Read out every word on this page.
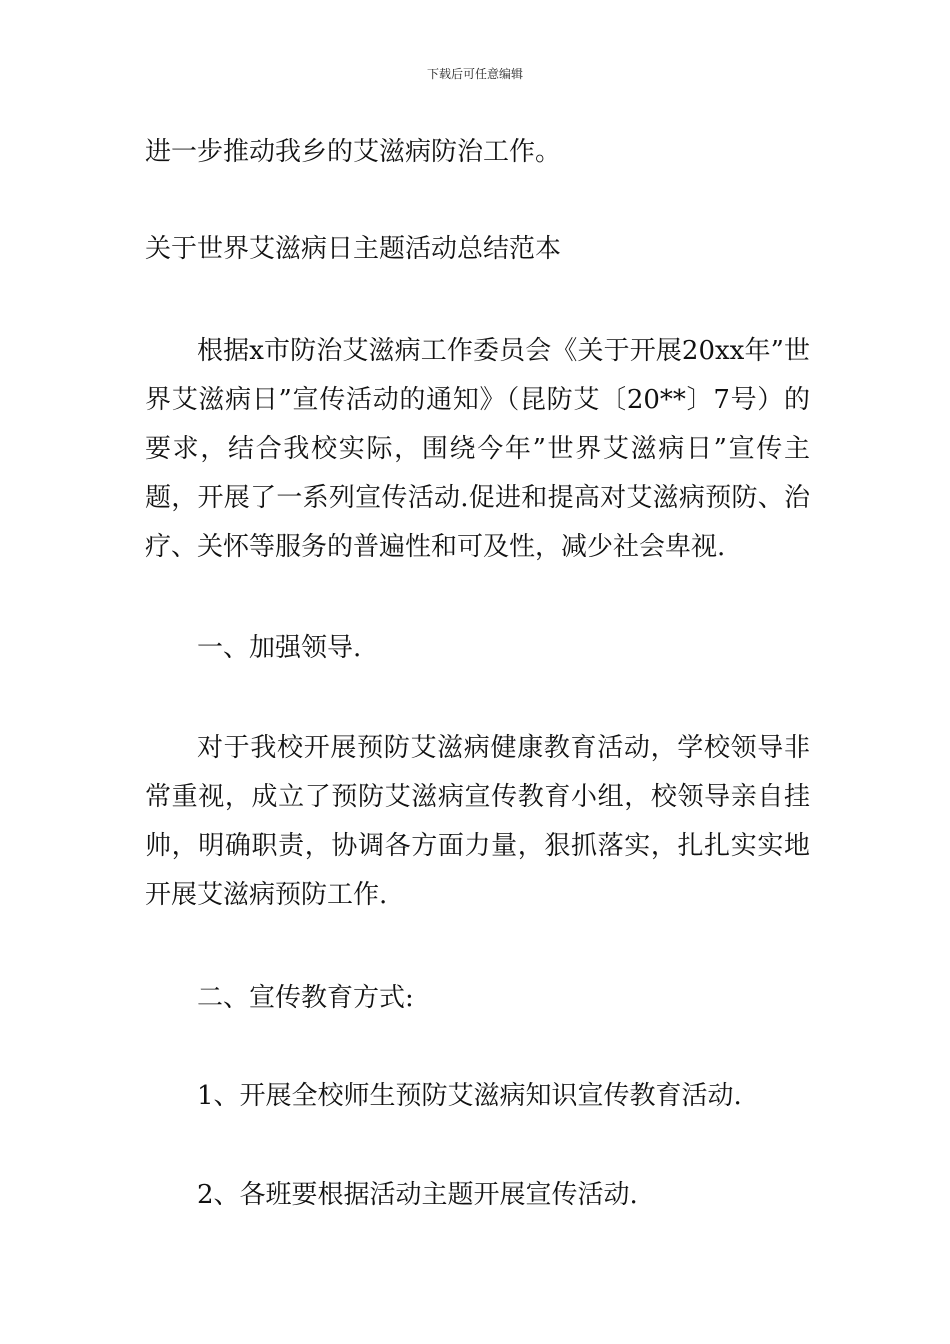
下载后可任意编辑
进一步推动我乡的艾滋病防治工作。
关于世界艾滋病日主题活动总结范本
根据x市防治艾滋病工作委员会《关于开展20xx年”世界艾滋病日”宣传活动的通知》（昆防艾〔20**〕7号）的要求，结合我校实际，围绕今年”世界艾滋病日”宣传主题，开展了一系列宣传活动.促进和提高对艾滋病预防、治疗、关怀等服务的普遍性和可及性，减少社会卑视.
一、加强领导.
对于我校开展预防艾滋病健康教育活动，学校领导非常重视，成立了预防艾滋病宣传教育小组，校领导亲自挂帅，明确职责，协调各方面力量，狠抓落实，扎扎实实地开展艾滋病预防工作.
二、宣传教育方式:
1、开展全校师生预防艾滋病知识宣传教育活动.
2、各班要根据活动主题开展宣传活动.
